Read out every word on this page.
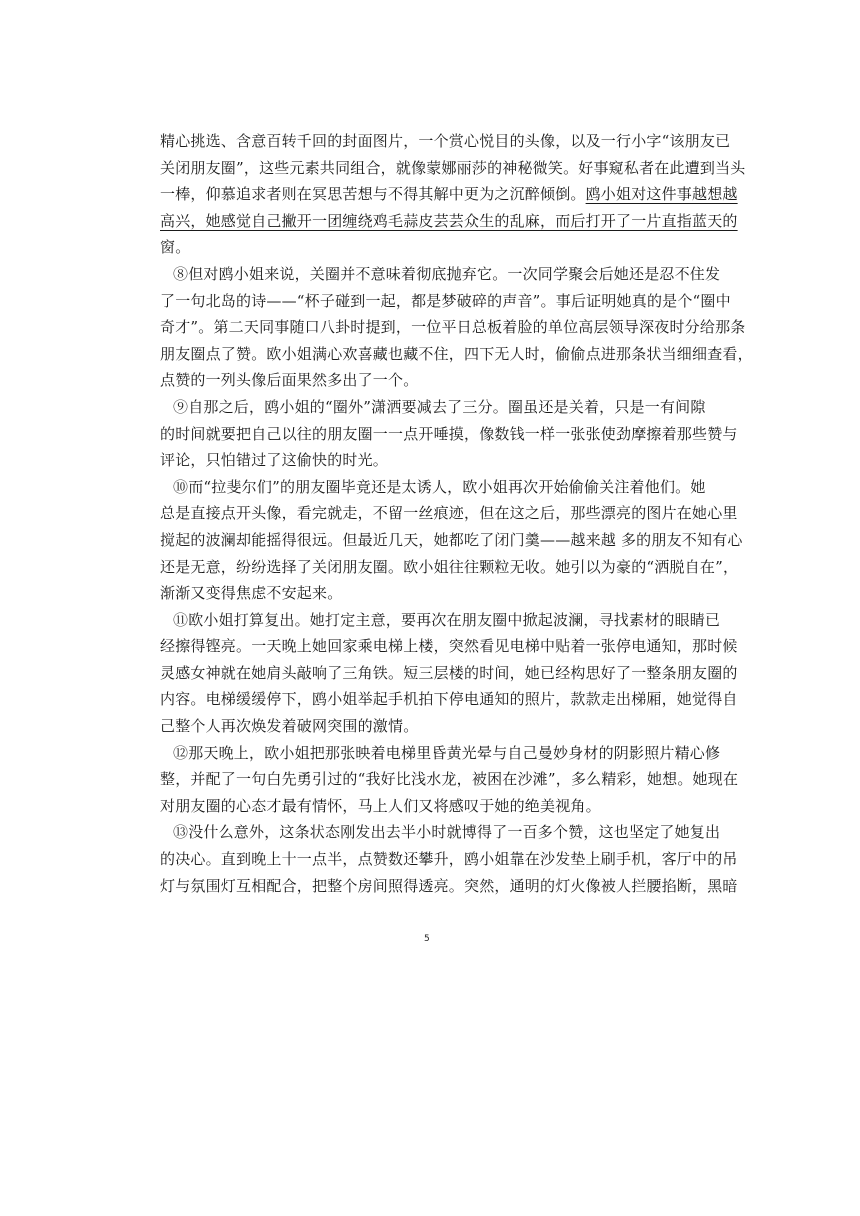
精心挑选、含意百转千回的封面图片，一个赏心悦目的头像，以及一行小字“该朋友已
关闭朋友圈”，这些元素共同组合，就像蒙娜丽莎的神秘微笑。好事窥私者在此遭到当头
一棒，仰慕追求者则在冥思苦想与不得其解中更为之沉醉倾倒。鸥小姐对这件事越想越
高兴，她感觉自己撇开一团缠绕鸡毛蒜皮芸芸众生的乱麻，而后打开了一片直指蓝天的
窗。
⑧但对鸥小姐来说，关圈并不意味着彻底抛弃它。一次同学聚会后她还是忍不住发
了一句北岛的诗——“杯子碰到一起，都是梦破碎的声音”。事后证明她真的是个“圈中
奇才”。第二天同事随口八卦时提到，一位平日总板着脸的单位高层领导深夜时分给那条
朋友圈点了赞。欧小姐满心欢喜藏也藏不住，四下无人时，偷偷点进那条状当细细查看，
点赞的一列头像后面果然多出了一个。
⑨自那之后，鸥小姐的“圈外”潇洒要减去了三分。圈虽还是关着，只是一有间隙
的时间就要把自己以往的朋友圈一一点开唾摸，像数钱一样一张张使劲摩擦着那些赞与
评论，只怕错过了这偷快的时光。
⑩而“拉斐尔们”的朋友圈毕竟还是太诱人，欧小姐再次开始偷偷关注着他们。她
总是直接点开头像，看完就走，不留一丝痕迹，但在这之后，那些漂亮的图片在她心里
搅起的波澜却能摇得很远。但最近几天，她都吃了闭门羹——越来越 多的朋友不知有心
还是无意，纷纷选择了关闭朋友圈。欧小姐往往颗粒无收。她引以为豪的“洒脱自在”，
渐渐又变得焦虑不安起来。
⑪欧小姐打算复出。她打定主意，要再次在朋友圈中掀起波澜，寻找素材的眼睛已
经擦得铿亮。一天晚上她回家乘电梯上楼，突然看见电梯中贴着一张停电通知，那时候
灵感女神就在她肩头敲响了三角铁。短三层楼的时间，她已经构思好了一整条朋友圈的
内容。电梯缓缓停下，鸥小姐举起手机拍下停电通知的照片，款款走出梯厢，她觉得自
己整个人再次焕发着破网突围的激情。
⑫那天晚上，欧小姐把那张映着电梯里昏黄光晕与自己曼妙身材的阴影照片精心修
整，并配了一句白先勇引过的“我好比浅水龙，被困在沙滩”，多么精彩，她想。她现在
对朋友圈的心态才最有情怀，马上人们又将感叹于她的绝美视角。
⑬没什么意外，这条状态刚发出去半小时就博得了一百多个赞，这也坚定了她复出
的决心。直到晚上十一点半，点赞数还攀升，鸥小姐靠在沙发垫上刷手机，客厅中的吊
灯与氛围灯互相配合，把整个房间照得透亮。突然，通明的灯火像被人拦腰掐断，黑暗
5
